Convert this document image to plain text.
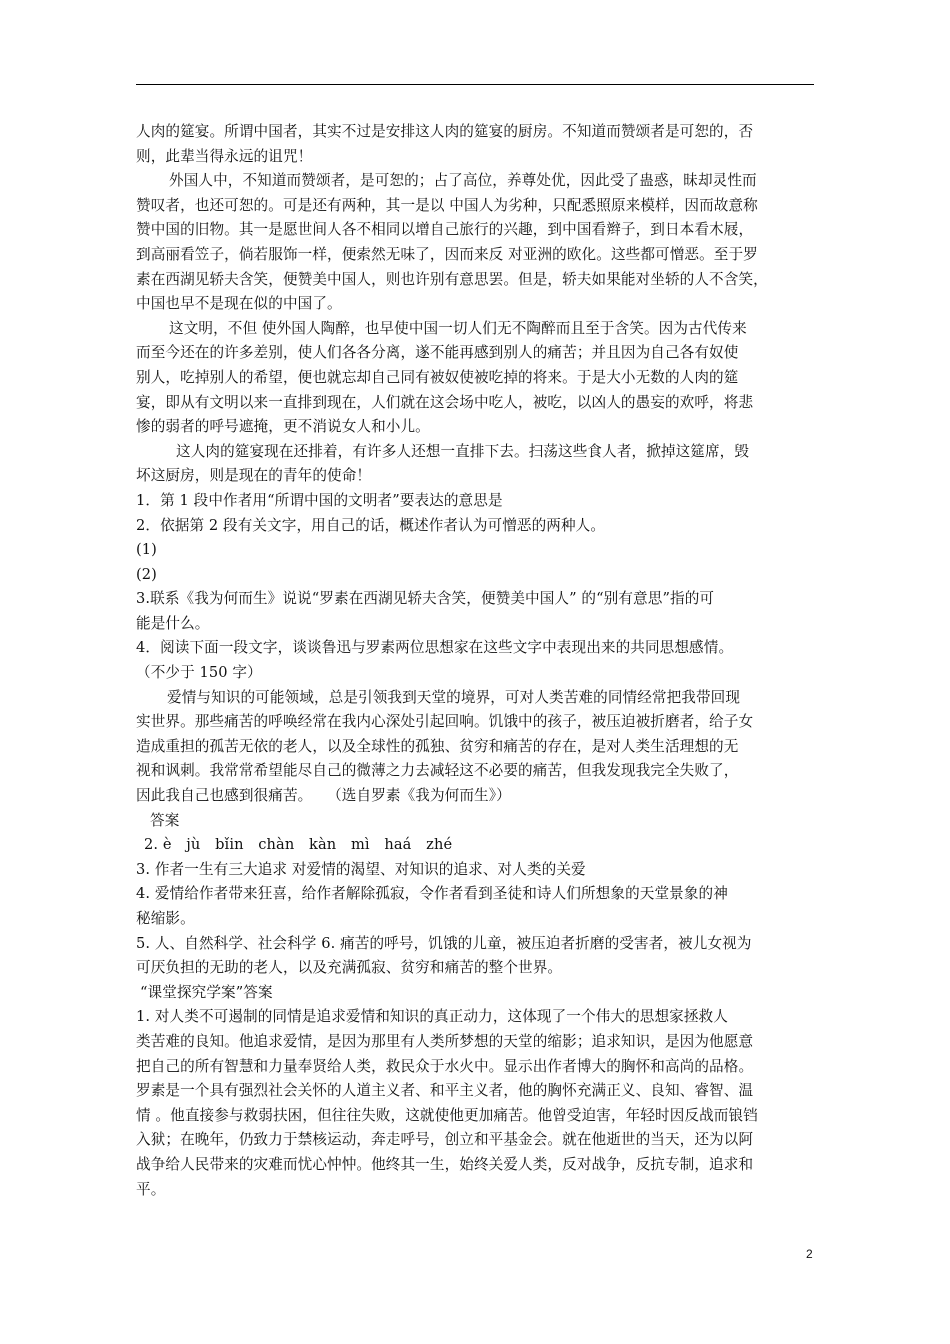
人肉的筵宴。所谓中国者，其实不过是安排这人肉的筵宴的厨房。不知道而赞颂者是可恕的，否
则，此辈当得永远的诅咒！
外国人中，不知道而赞颂者，是可恕的；占了高位，养尊处优，因此受了蛊惑，昧却灵性而
赞叹者，也还可恕的。可是还有两种，其一是以 中国人为劣种，只配悉照原来模样，因而故意称
赞中国的旧物。其一是愿世间人各不相同以增自己旅行的兴趣，到中国看辫子，到日本看木屐，
到高丽看笠子，倘若服饰一样，便索然无味了，因而来反 对亚洲的欧化。这些都可憎恶。至于罗
素在西湖见轿夫含笑，便赞美中国人，则也许别有意思罢。但是，轿夫如果能对坐轿的人不含笑，
中国也早不是现在似的中国了。
这文明，不但 使外国人陶醉，也早使中国一切人们无不陶醉而且至于含笑。因为古代传来
而至今还在的许多差别，使人们各各分离，遂不能再感到别人的痛苦；并且因为自己各有奴使
别人，吃掉别人的希望，便也就忘却自己同有被奴使被吃掉的将来。于是大小无数的人肉的筵
宴，即从有文明以来一直排到现在，人们就在这会场中吃人，被吃，以凶人的愚妄的欢呼，将悲
惨的弱者的呼号遮掩，更不消说女人和小儿。
这人肉的筵宴现在还排着，有许多人还想一直排下去。扫荡这些食人者，掀掉这筵席，毁
坏这厨房，则是现在的青年的使命！
1．第 1 段中作者用“所谓中国的文明者”要表达的意思是
2．依据第 2 段有关文字，用自己的话，概述作者认为可憎恶的两种人。
(1)
(2)
3.联系《我为何而生》说说“罗素在西湖见轿夫含笑，便赞美中国人” 的“别有意思”指的可
能是什么。
4．阅读下面一段文字，谈谈鲁迅与罗素两位思想家在这些文字中表现出来的共同思想感情。
（不少于 150 字）
爱情与知识的可能领域，总是引领我到天堂的境界，可对人类苦难的同情经常把我带回现
实世界。那些痛苦的呼唤经常在我内心深处引起回响。饥饿中的孩子，被压迫被折磨者，给子女
造成重担的孤苦无依的老人，以及全球性的孤独、贫穷和痛苦的存在，是对人类生活理想的无
视和讽刺。我常常希望能尽自己的微薄之力去减轻这不必要的痛苦，但我发现我完全失败了，
因此我自己也感到很痛苦。　　（选自罗素《我为何而生》）
答案
2. è　jù　bǐin　chàn　kàn　mì　haá　zhé
3. 作者一生有三大追求 对爱情的渴望、对知识的追求、对人类的关爱
4. 爱情给作者带来狂喜，给作者解除孤寂，令作者看到圣徒和诗人们所想象的天堂景象的神
秘缩影。
5. 人、自然科学、社会科学 6. 痛苦的呼号，饥饿的儿童，被压迫者折磨的受害者，被儿女视为
可厌负担的无助的老人，以及充满孤寂、贫穷和痛苦的整个世界。
“课堂探究学案”答案
1. 对人类不可遏制的同情是追求爱情和知识的真正动力，这体现了一个伟大的思想家拯救人
类苦难的良知。他追求爱情，是因为那里有人类所梦想的天堂的缩影；追求知识，是因为他愿意
把自己的所有智慧和力量奉贤给人类，救民众于水火中。显示出作者博大的胸怀和高尚的品格。
罗素是一个具有强烈社会关怀的人道主义者、和平主义者，他的胸怀充满正义、良知、睿智、温
情 。他直接参与救弱扶困，但往往失败，这就使他更加痛苦。他曾受迫害，年轻时因反战而锒铛
入狱；在晚年，仍致力于禁核运动，奔走呼号，创立和平基金会。就在他逝世的当天，还为以阿
战争给人民带来的灾难而忧心忡忡。他终其一生，始终关爱人类，反对战争，反抗专制，追求和
平。
2
